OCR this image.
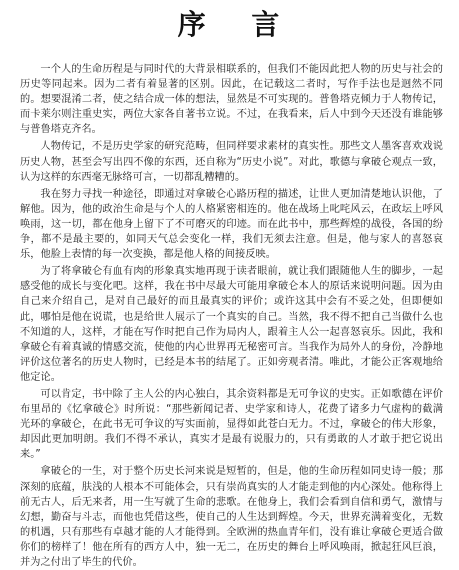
序 言

一个人的生命历程是与同时代的大背景相联系的，但我们不能因此把人物的历史与社会的历史等同起来。因为二者有着显著的区别。因此，在记载这二者时，写作手法也是迥然不同的。想要混淆二者，使之结合成一体的想法，显然是不可实现的。普鲁塔克倾力于人物传记，而卡莱尔则注重史实，两位大家各自著书立说。不过，在我看来，后人中到今天还没有谁能够与普鲁塔克齐名。

人物传记，不是历史学家的研究范畴，但同样要求素材的真实性。那些文人墨客喜欢戏说历史人物，甚至会写出四不像的东西，还自称为“历史小说”。对此，歌德与拿破仑观点一致，认为这样的东西毫无脉络可言，一切都乱糟糟的。

我在努力寻找一种途径，即通过对拿破仑心路历程的描述，让世人更加清楚地认识他，了解他。因为，他的政治生命是与个人的人格紧密相连的。他在战场上叱咤风云，在政坛上呼风唤雨，这一切，都在他身上留下了不可磨灭的印迹。而在此书中，那些辉煌的战役，各国的纷争，都不是最主要的，如同天气总会变化一样，我们无须去注意。但是，他与家人的喜怒哀乐，他脸上表情的每一次变换，都是他人格的间接反映。

为了将拿破仑有血有肉的形象真实地再现于读者眼前，就让我们跟随他人生的脚步，一起感受他的成长与变化吧。这样，我在书中尽最大可能用拿破仑本人的原话来说明问题。因为由自己来介绍自己，是对自己最好的而且最真实的评价；或许这其中会有不妥之处，但即便如此，哪怕是他在说谎，也是给世人展示了一个真实的自己。当然，我不得不把自己当做什么也不知道的人，这样，才能在写作时把自己作为局内人，跟着主人公一起喜怒哀乐。因此，我和拿破仑有着真诚的情感交流，使他的内心世界再无秘密可言。当我作为局外人的身份，冷静地评价这位著名的历史人物时，已经是本书的结尾了。正如旁观者清。唯此，才能公正客观地给他定论。

可以肯定，书中除了主人公的内心独白，其余资料都是无可争议的史实。正如歌德在评价布里昂的《忆拿破仑》时所说：“那些新闻记者、史学家和诗人，花费了诸多力气虚构的截满光环的拿破仑，在此书无可争议的写实面前，显得如此苍白无力。不过，拿破仑的伟大形象，却因此更加明朗。我们不得不承认，真实才是最有说服力的，只有勇敢的人才敢于把它说出来。”

拿破仑的一生，对于整个历史长河来说是短暂的，但是，他的生命历程如同史诗一般；那深刻的底蕴，肤浅的人根本不可能体会，只有崇尚真实的人才能走到他的内心深处。他称得上前无古人，后无来者，用一生写就了生命的悲歌。在他身上，我们会看到自信和勇气，激情与幻想，勤奋与斗志，而他也凭借这些，使自己的人生达到辉煌。今天，世界充满着变化，无数的机遇，只有那些有卓越才能的人才能得到。全欧洲的热血青年们，没有谁让拿破仑更适合做你们的榜样了！他在所有的西方人中，独一无二，在历史的舞台上呼风唤雨，掀起狂风巨浪，并为之付出了毕生的代价。
